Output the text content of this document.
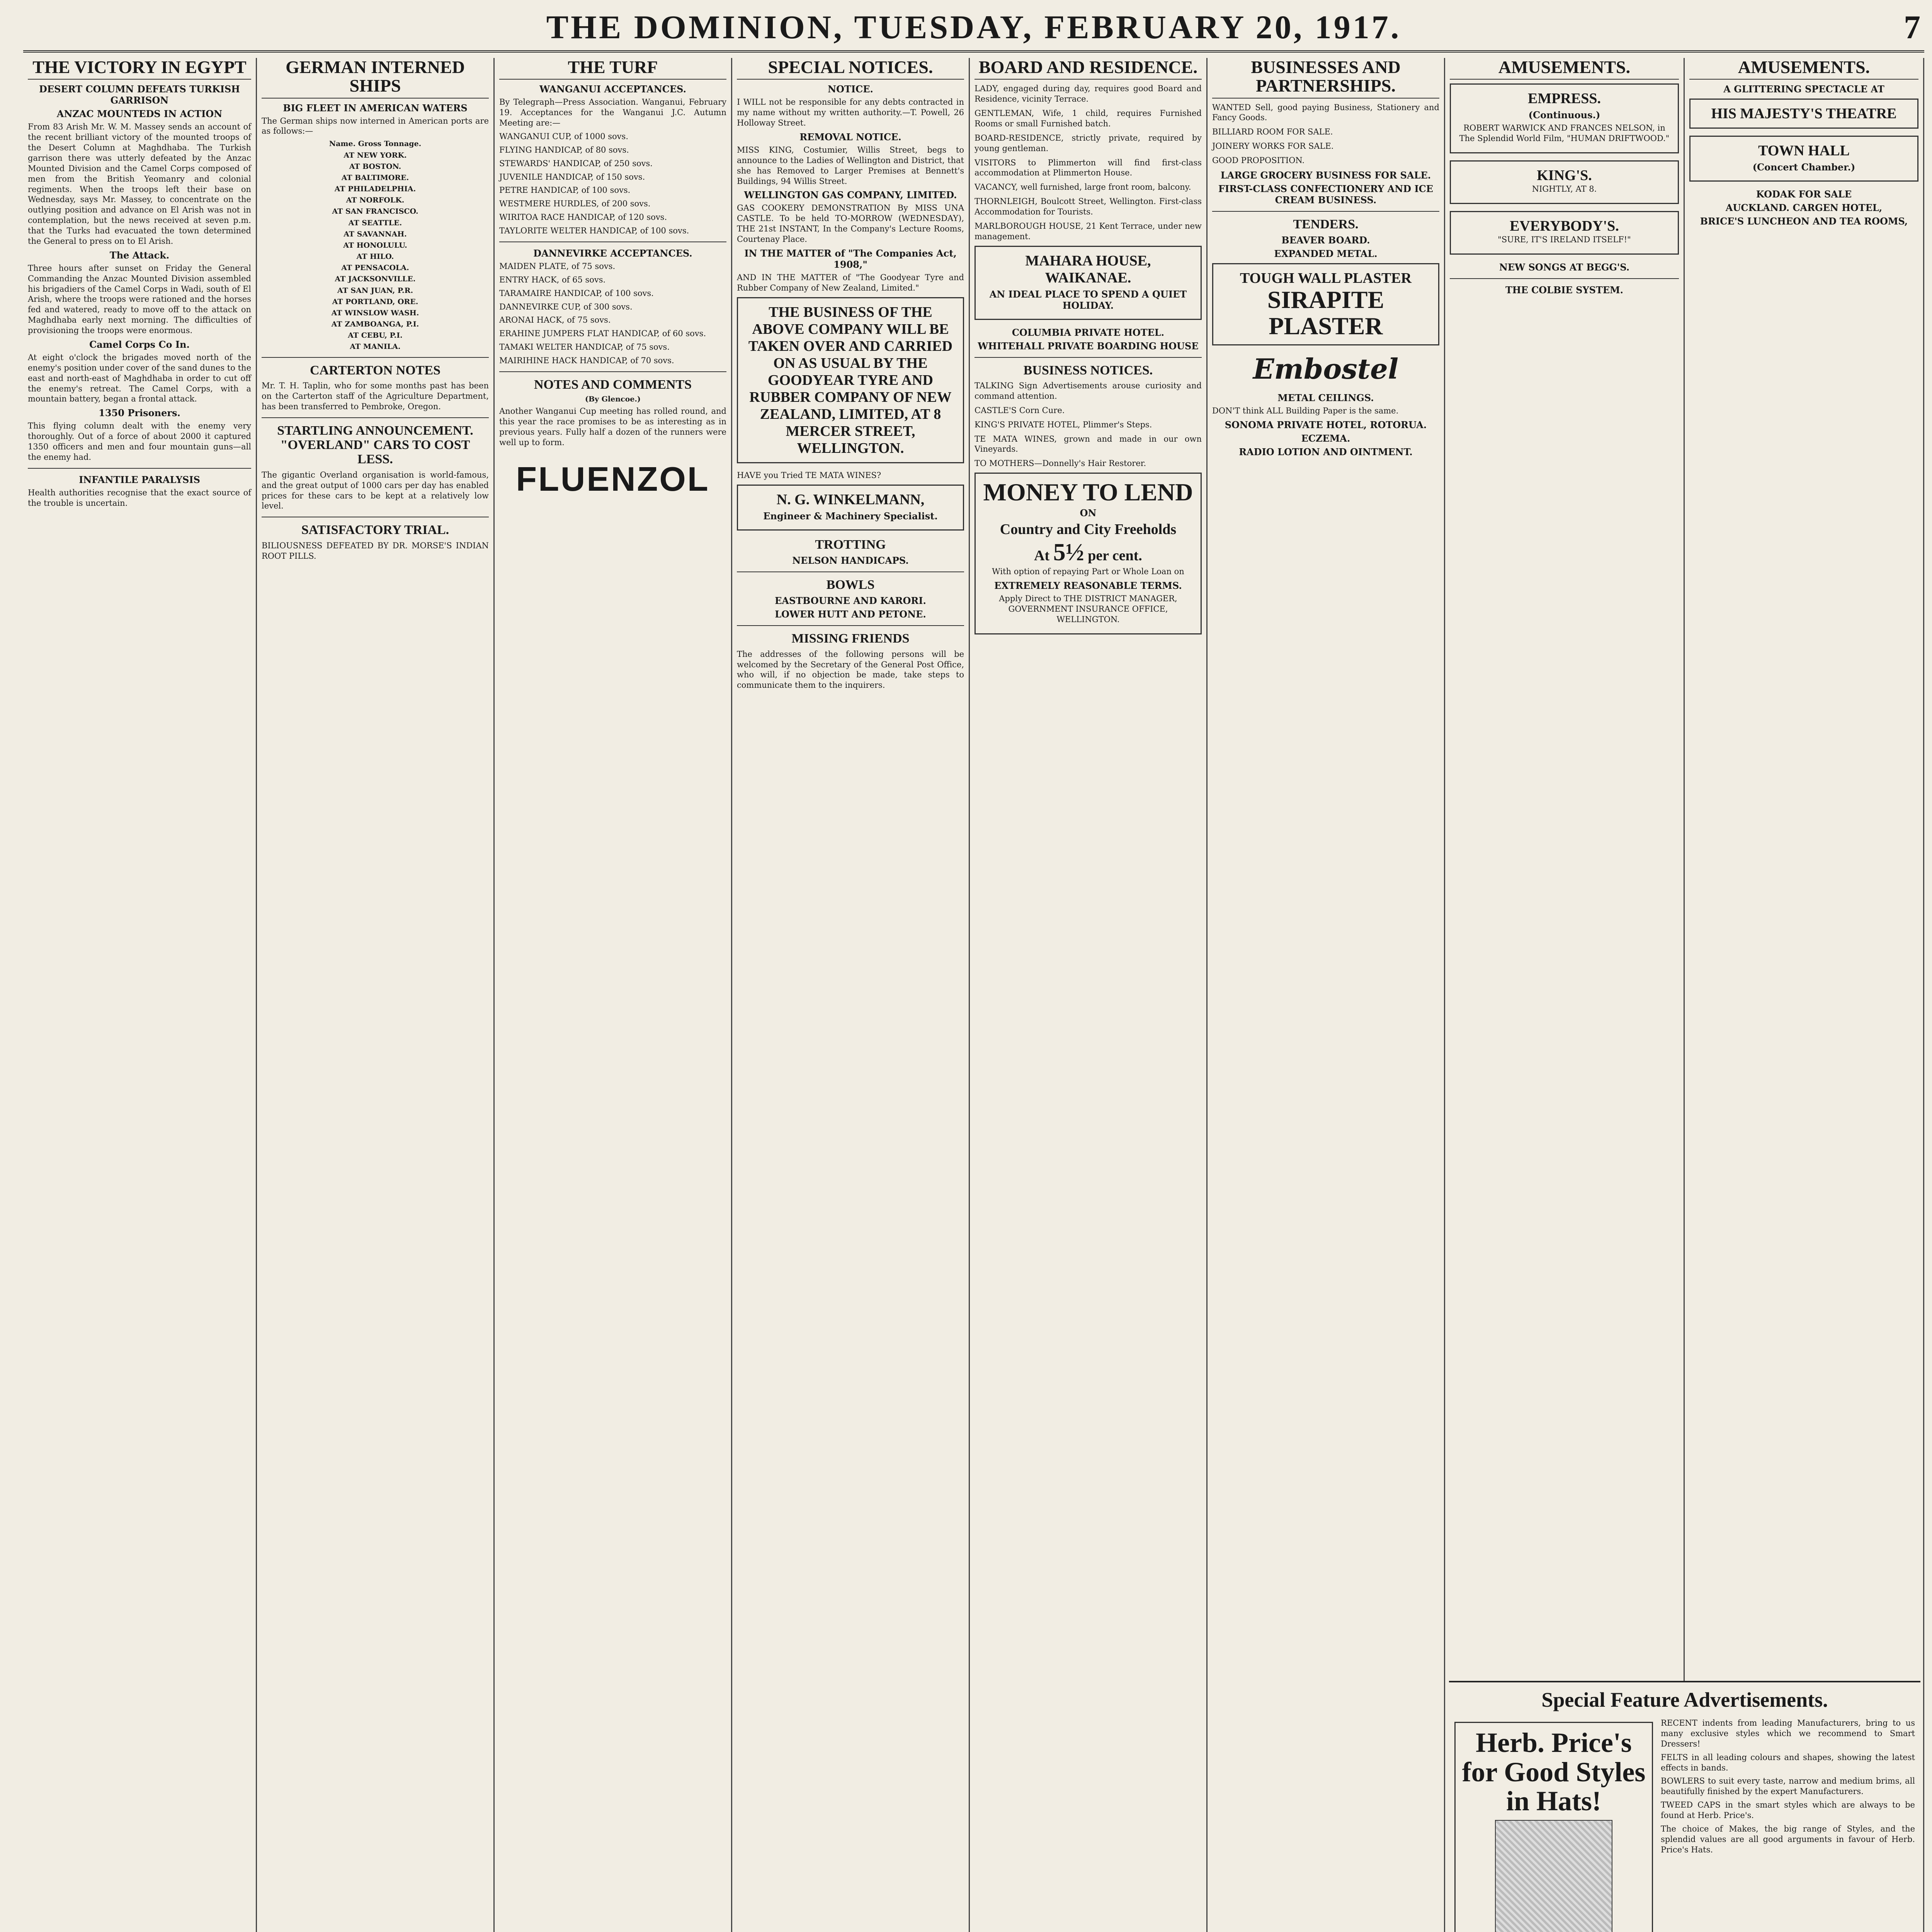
THE DOMINION, TUESDAY, FEBRUARY 20, 1917.	7
THE VICTORY IN EGYPT
DESERT COLUMN DEFEATS TURKISH GARRISON
ANZAC MOUNTEDS IN ACTION

From 83 Arish Mr. W. M. Massey sends an account of the recent brilliant victory of the mounted troops of the Desert Column at Maghdhaba. The Turkish garrison there was utterly defeated by the Anzac Mounted Division and the Camel Corps composed of men from the British Yeomanry and colonial regiments. When the troops left their base on Wednesday, says Mr. Massey, to concentrate on the outlying position and advance on El Arish was not in contemplation, but the news received at seven p.m. that the Turks had evacuated the town determined the General to press on to El Arish.

The Attack.

Three hours after sunset on Friday the General Commanding the Anzac Mounted Division assembled his brigadiers of the Camel Corps in Wadi, south of El Arish, where the troops were rationed and the horses fed and watered, ready to move off to the attack on Maghdhaba early next morning. The difficulties of provisioning the troops were enormous.

Camel Corps Co In.

At eight o'clock the brigades moved north of the enemy's position under cover of the sand dunes to the east and north-east of Maghdhaba in order to cut off the enemy's retreat. The Camel Corps, with a mountain battery, began a frontal attack.

1350 Prisoners.

This flying column dealt with the enemy very thoroughly. Out of a force of about 2000 it captured 1350 officers and men and four mountain guns—all the enemy had.

INFANTILE PARALYSIS

Health authorities recognise that the exact source of the trouble is uncertain.

GERMAN INTERNED SHIPS
BIG FLEET IN AMERICAN WATERS

The German ships now interned in American ports are as follows:—

Name. Gross Tonnage.
AT NEW YORK.
AT BOSTON.
AT BALTIMORE.
AT PHILADELPHIA.
AT NORFOLK.
AT SAN FRANCISCO.
AT SEATTLE.
AT SAVANNAH.
AT HONOLULU.
AT HILO.
AT PENSACOLA.
AT JACKSONVILLE.
AT SAN JUAN, P.R.
AT PORTLAND, ORE.
AT WINSLOW WASH.
AT ZAMBOANGA, P.I.
AT CEBU, P.I.
AT MANILA.
CARTERTON NOTES

Mr. T. H. Taplin, who for some months past has been on the Carterton staff of the Agriculture Department, has been transferred to Pembroke, Oregon.

STARTLING ANNOUNCEMENT. "OVERLAND" CARS TO COST LESS.

The gigantic Overland organisation is world-famous, and the great output of 1000 cars per day has enabled prices for these cars to be kept at a relatively low level.

SATISFACTORY TRIAL.

BILIOUSNESS DEFEATED BY DR. MORSE'S INDIAN ROOT PILLS.

THE TURF
WANGANUI ACCEPTANCES.

By Telegraph—Press Association. Wanganui, February 19. Acceptances for the Wanganui J.C. Autumn Meeting are:—

WANGANUI CUP, of 1000 sovs.
FLYING HANDICAP, of 80 sovs.
STEWARDS' HANDICAP, of 250 sovs.
JUVENILE HANDICAP, of 150 sovs.
PETRE HANDICAP, of 100 sovs.
WESTMERE HURDLES, of 200 sovs.
WIRITOA RACE HANDICAP, of 120 sovs.
TAYLORITE WELTER HANDICAP, of 100 sovs.
DANNEVIRKE ACCEPTANCES.
MAIDEN PLATE, of 75 sovs.
ENTRY HACK, of 65 sovs.
TARAMAIRE HANDICAP, of 100 sovs.
DANNEVIRKE CUP, of 300 sovs.
ARONAI HACK, of 75 sovs.
ERAHINE JUMPERS FLAT HANDICAP, of 60 sovs.
TAMAKI WELTER HANDICAP, of 75 sovs.
MAIRIHINE HACK HANDICAP, of 70 sovs.
NOTES AND COMMENTS
(By Glencoe.)

Another Wanganui Cup meeting has rolled round, and this year the race promises to be as interesting as in previous years. Fully half a dozen of the runners were well up to form.

FLUENZOL
SPECIAL NOTICES.
NOTICE.

I WILL not be responsible for any debts contracted in my name without my written authority.—T. Powell, 26 Holloway Street.

REMOVAL NOTICE.

MISS KING, Costumier, Willis Street, begs to announce to the Ladies of Wellington and District, that she has Removed to Larger Premises at Bennett's Buildings, 94 Willis Street.

WELLINGTON GAS COMPANY, LIMITED.

GAS COOKERY DEMONSTRATION By MISS UNA CASTLE. To be held TO-MORROW (WEDNESDAY), THE 21st INSTANT, In the Company's Lecture Rooms, Courtenay Place.

IN THE MATTER of "The Companies Act, 1908,"

AND IN THE MATTER of "The Goodyear Tyre and Rubber Company of New Zealand, Limited."

THE BUSINESS OF THE ABOVE COMPANY WILL BE TAKEN OVER AND CARRIED ON AS USUAL BY THE GOODYEAR TYRE AND RUBBER COMPANY OF NEW ZEALAND, LIMITED, AT 8 MERCER STREET, WELLINGTON.

HAVE you Tried TE MATA WINES?

N. G. WINKELMANN,
Engineer & Machinery Specialist.
TROTTING
NELSON HANDICAPS.
BOWLS
EASTBOURNE AND KARORI.
LOWER HUTT AND PETONE.
MISSING FRIENDS

The addresses of the following persons will be welcomed by the Secretary of the General Post Office, who will, if no objection be made, take steps to communicate them to the inquirers.

BOARD AND RESIDENCE.
LADY, engaged during day, requires good Board and Residence, vicinity Terrace.
GENTLEMAN, Wife, 1 child, requires Furnished Rooms or small Furnished batch.
BOARD-RESIDENCE, strictly private, required by young gentleman.
VISITORS to Plimmerton will find first-class accommodation at Plimmerton House.
VACANCY, well furnished, large front room, balcony.
THORNLEIGH, Boulcott Street, Wellington. First-class Accommodation for Tourists.
MARLBOROUGH HOUSE, 21 Kent Terrace, under new management.
MAHARA HOUSE, WAIKANAE.
AN IDEAL PLACE TO SPEND A QUIET HOLIDAY.
COLUMBIA PRIVATE HOTEL.
WHITEHALL PRIVATE BOARDING HOUSE
BUSINESS NOTICES.
TALKING Sign Advertisements arouse curiosity and command attention.
CASTLE'S Corn Cure.
KING'S PRIVATE HOTEL, Plimmer's Steps.
TE MATA WINES, grown and made in our own Vineyards.
TO MOTHERS—Donnelly's Hair Restorer.
MONEY TO LEND
ON
Country and City Freeholds
At 5½ per cent.

With option of repaying Part or Whole Loan on

EXTREMELY REASONABLE TERMS.

Apply Direct to THE DISTRICT MANAGER, GOVERNMENT INSURANCE OFFICE, WELLINGTON.

BUSINESSES AND PARTNERSHIPS.
WANTED Sell, good paying Business, Stationery and Fancy Goods.
BILLIARD ROOM FOR SALE.
JOINERY WORKS FOR SALE.
GOOD PROPOSITION.
LARGE GROCERY BUSINESS FOR SALE.
FIRST-CLASS CONFECTIONERY AND ICE CREAM BUSINESS.
TENDERS.
BEAVER BOARD.
EXPANDED METAL.
TOUGH WALL PLASTER
SIRAPITE PLASTER
Embostel
METAL CEILINGS.

DON'T think ALL Building Paper is the same.

SONOMA PRIVATE HOTEL, ROTORUA.
ECZEMA.
RADIO LOTION AND OINTMENT.
AMUSEMENTS.
EMPRESS.
(Continuous.)

ROBERT WARWICK AND FRANCES NELSON, in The Splendid World Film, "HUMAN DRIFTWOOD."

KING'S.

NIGHTLY, AT 8.

EVERYBODY'S.

"SURE, IT'S IRELAND ITSELF!"

NEW SONGS AT BEGG'S.
THE COLBIE SYSTEM.
AMUSEMENTS.
A GLITTERING SPECTACLE AT
HIS MAJESTY'S THEATRE
TOWN HALL
(Concert Chamber.)
KODAK FOR SALE
AUCKLAND. CARGEN HOTEL,
BRICE'S LUNCHEON AND TEA ROOMS,
Special Feature Advertisements.
Herb. Price's for Good Styles in Hats!

RECENT indents from leading Manufacturers, bring to us many exclusive styles which we recommend to Smart Dressers!

FELTS in all leading colours and shapes, showing the latest effects in bands.

BOWLERS to suit every taste, narrow and medium brims, all beautifully finished by the expert Manufacturers.

TWEED CAPS in the smart styles which are always to be found at Herb. Price's.

The choice of Makes, the big range of Styles, and the splendid values are all good arguments in favour of Herb. Price's Hats.
